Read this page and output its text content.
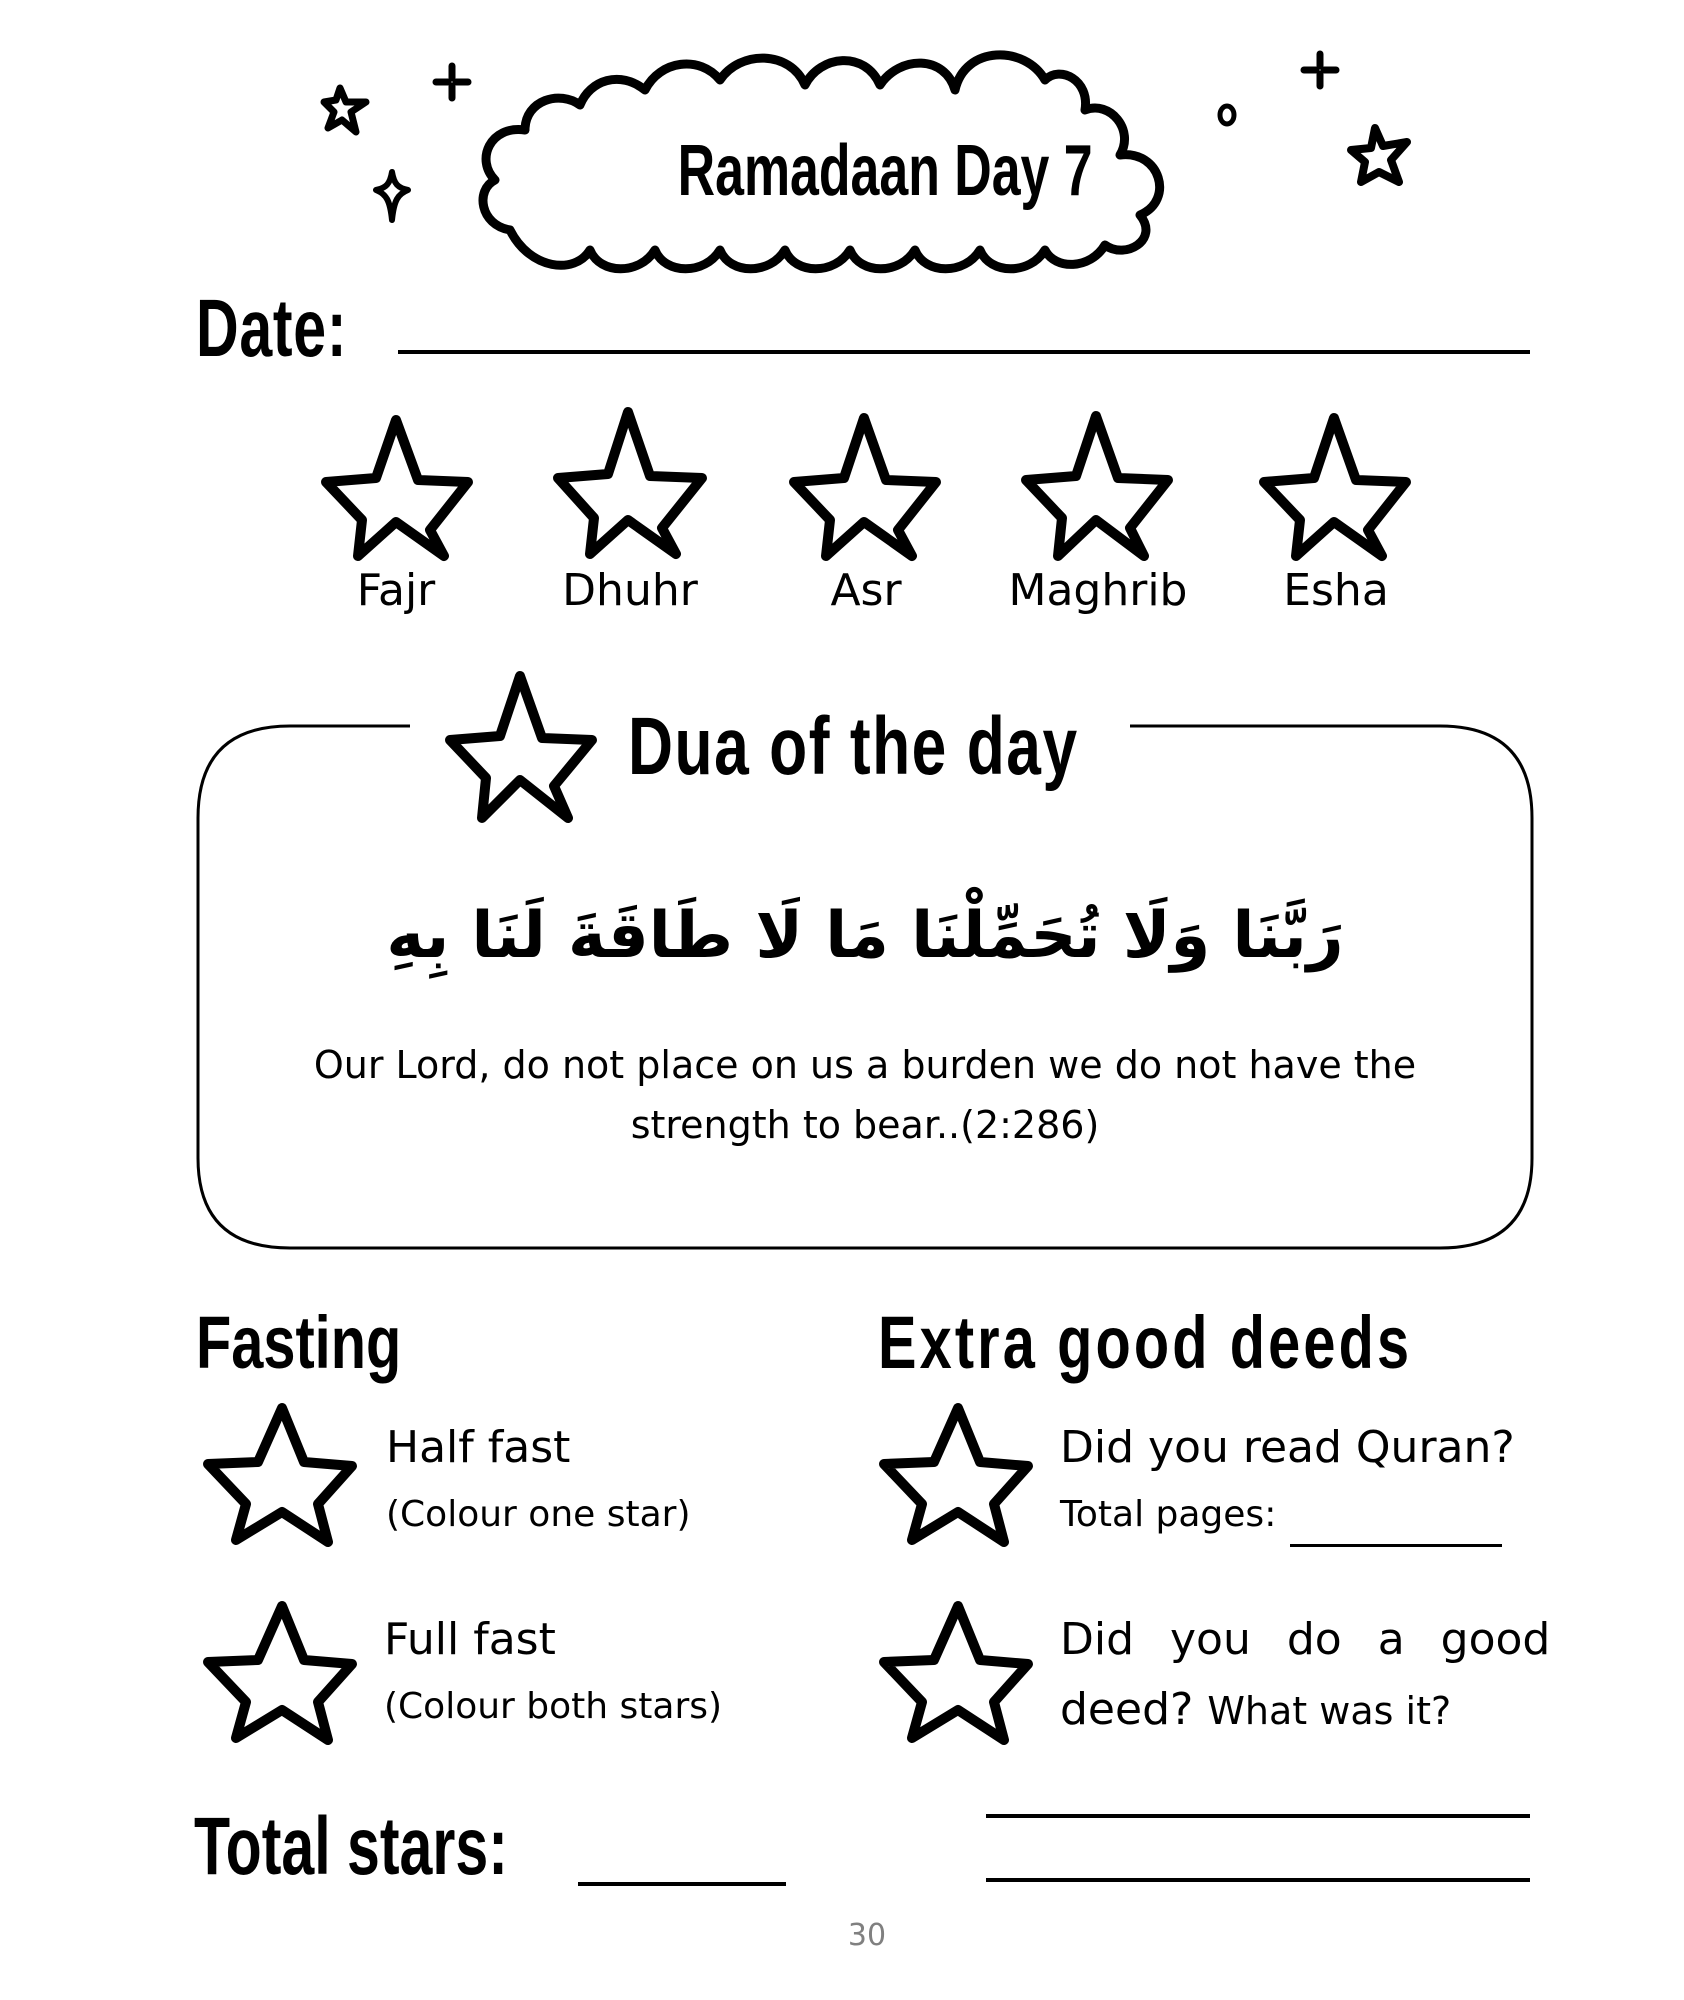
Ramadaan Day 7
Date:
Fajr	Dhuhr	Asr	Maghrib	Esha
Dua of the day
رَبَّنَا وَلَا تُحَمِّلْنَا مَا لَا طَاقَةَ لَنَا بِهِ
Our Lord, do not place on us a burden we do not have the
strength to bear..(2:286)
Fasting
Half fast
(Colour one star)
Full fast
(Colour both stars)
Extra good deeds
Did you read Quran?
Total pages:
Did you do a good
deed? What was it?
Total stars:
30
